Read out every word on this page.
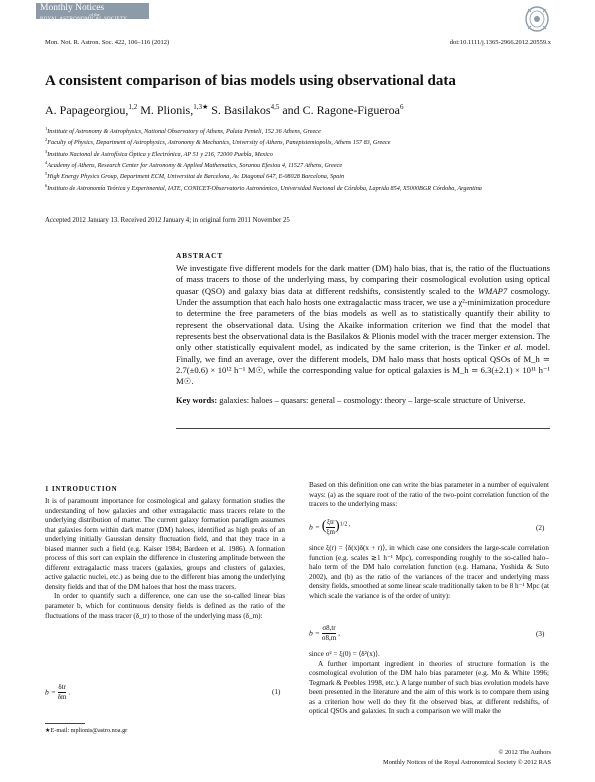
Monthly Notices
of the
ROYAL ASTRONOMICAL SOCIETY
Mon. Not. R. Astron. Soc. 422, 106–116 (2012)	doi:10.1111/j.1365-2966.2012.20559.x
A consistent comparison of bias models using observational data
A. Papageorgiou,$^{1,2}$ M. Plionis,$^{1,3★}$ S. Basilakos$^{4,5}$ and C. Ragone-Figueroa$^6$
$^1$Institute of Astronomy & Astrophysics, National Observatory of Athens, Palaia Penteli, 152 36 Athens, Greece
$^2$Faculty of Physics, Department of Astrophysics, Astronomy & Mechanics, University of Athens, Panepistemiopolis, Athens 157 83, Greece
$^3$Instituto Nacional de Astrofísica Óptica y Electrónica, AP 51 y 216, 72000 Puebla, Mexico
$^4$Academy of Athens, Research Center for Astronomy & Applied Mathematics, Soranou Efesiou 4, 11527 Athens, Greece
$^5$High Energy Physics Group, Department ECM, Universitat de Barcelona, Av. Diagonal 647, E-08028 Barcelona, Spain
$^6$Instituto de Astronomía Teórica y Experimental, IATE, CONICET-Observatorio Astronómico, Universidad Nacional de Córdoba, Laprida 854, X5000BGR Córdoba, Argentina
Accepted 2012 January 13. Received 2012 January 4; in original form 2011 November 25
ABSTRACT
We investigate five different models for the dark matter (DM) halo bias, that is, the ratio of the fluctuations of mass tracers to those of the underlying mass, by comparing their cosmological evolution using optical quasar (QSO) and galaxy bias data at different redshifts, consistently scaled to the WMAP7 cosmology. Under the assumption that each halo hosts one extragalactic mass tracer, we use a χ²-minimization procedure to determine the free parameters of the bias models as well as to statistically quantify their ability to represent the observational data. Using the Akaike information criterion we find that the model that represents best the observational data is the Basilakos & Plionis model with the tracer merger extension. The only other statistically equivalent model, as indicated by the same criterion, is the Tinker et al. model. Finally, we find an average, over the different models, DM halo mass that hosts optical QSOs of M_h ≃ 2.7(±0.6) × 10¹² h⁻¹ M☉, while the corresponding value for optical galaxies is M_h ≃ 6.3(±2.1) × 10¹¹ h⁻¹ M☉.
Key words: galaxies: haloes – quasars: general – cosmology: theory – large-scale structure of Universe.
1 INTRODUCTION

It is of paramount importance for cosmological and galaxy formation studies the understanding of how galaxies and other extragalactic mass tracers relate to the underlying distribution of matter. The current galaxy formation paradigm assumes that galaxies form within dark matter (DM) haloes, identified as high peaks of an underlying initially Gaussian density fluctuation field, and that they trace in a biased manner such a field (e.g. Kaiser 1984; Bardeen et al. 1986). A formation process of this sort can explain the difference in clustering amplitude between the different extragalactic mass tracers (galaxies, groups and clusters of galaxies, active galactic nuclei, etc.) as being due to the different bias among the underlying density fields and that of the DM haloes that host the mass tracers.

In order to quantify such a difference, one can use the so-called linear bias parameter b, which for continuous density fields is defined as the ratio of the fluctuations of the mass tracer (δ_tr) to those of the underlying mass (δ_m):

$b = \frac{\text{δtr}}{\delta m}$ .	(1)
★E-mail: mplionis@astro.noa.gr

Based on this definition one can write the bias parameter in a number of equivalent ways: (a) as the square root of the ratio of the two-point correlation function of the tracers to the underlying mass:

b = ( $\frac{\text{ξtr}}{\xi m} )^{1/2 ,}$	(2)

since ξ(r) = ⟨δ(x)δ(x + r)⟩, in which case one considers the large-scale correlation function (e.g. scales ≳1 h⁻¹ Mpc), corresponding roughly to the so-called halo–halo term of the DM halo correlation function (e.g. Hamana, Yoshida & Suto 2002), and (b) as the ratio of the variances of the tracer and underlying mass density fields, smoothed at some linear scale traditionally taken to be 8 h⁻¹ Mpc (at which scale the variance is of the order of unity):

$b = \frac{\sigma 8,tr}{\sigma 8,m}$ ,	(3)

since σ² = ξ(0) = ⟨δ²(x)⟩.

A further important ingredient in theories of structure formation is the cosmological evolution of the DM halo bias parameter (e.g. Mo & White 1996; Tegmark & Peebles 1998, etc.). A large number of such bias evolution models have been presented in the literature and the aim of this work is to compare them using as a criterion how well do they fit the observed bias, at different redshifts, of optical QSOs and galaxies. In such a comparison we will make the

© 2012 The Authors
Monthly Notices of the Royal Astronomical Society © 2012 RAS
